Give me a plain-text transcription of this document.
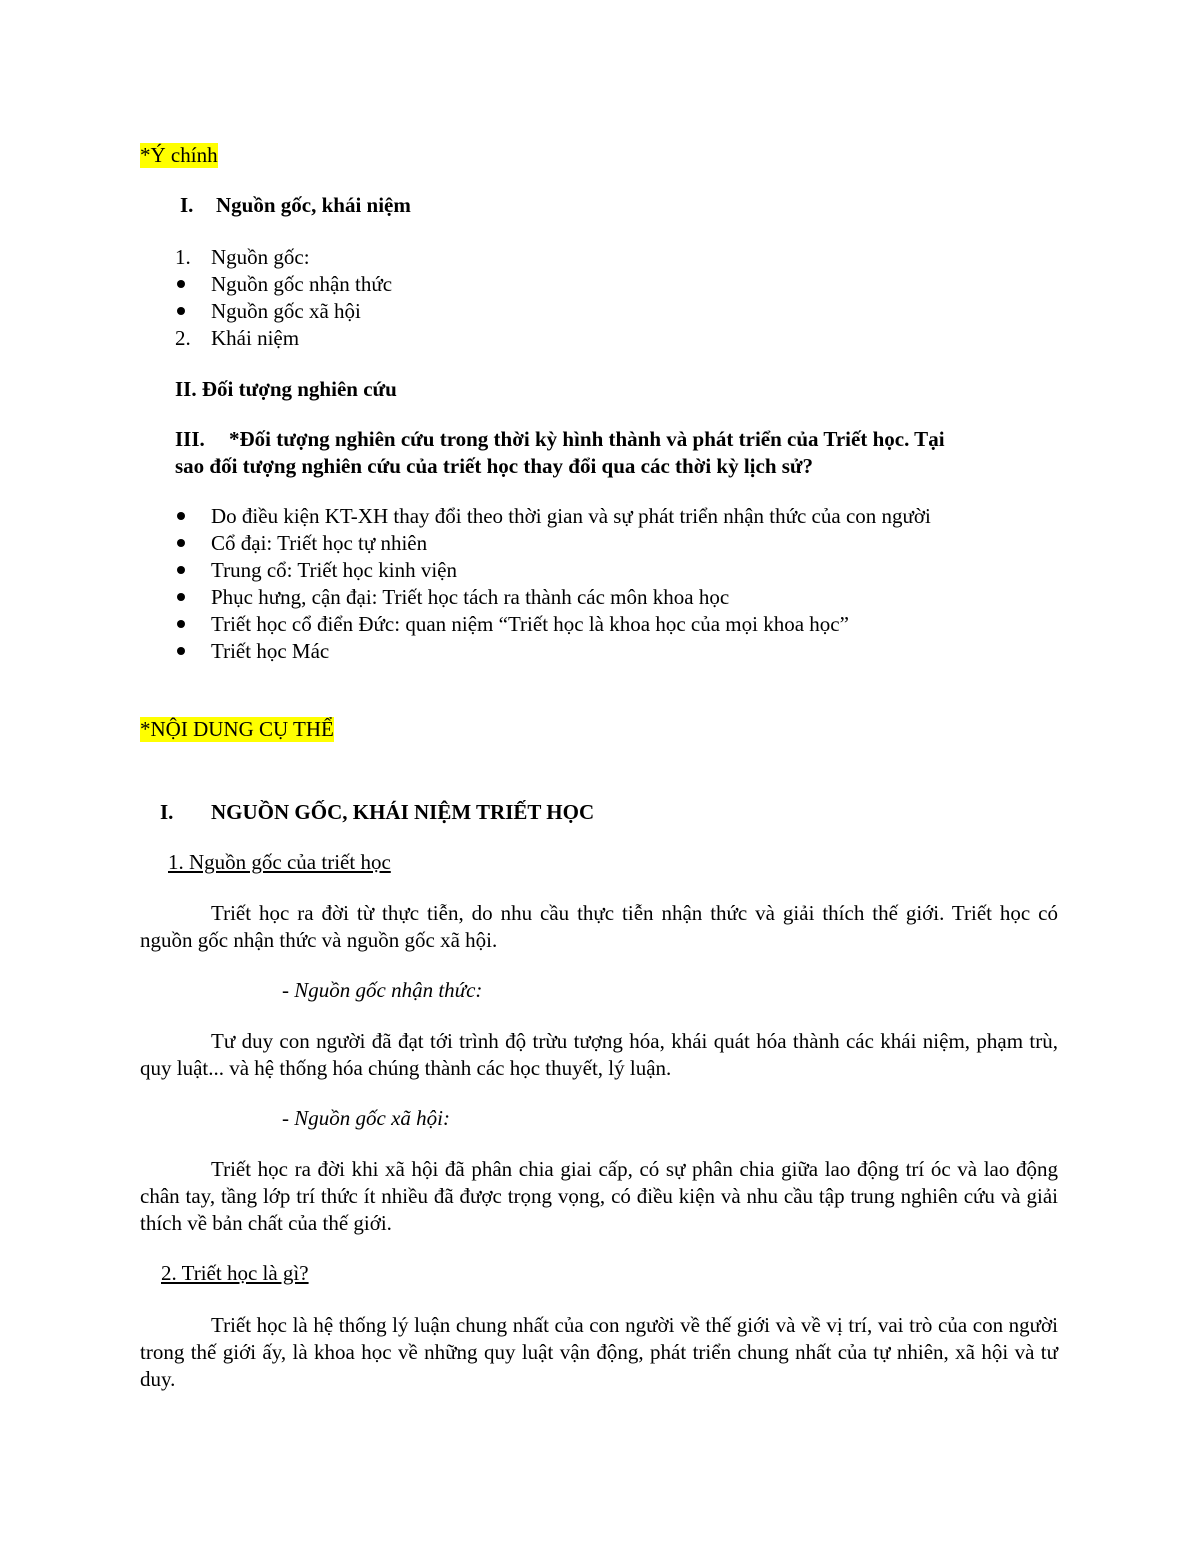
*Ý chính
I. Nguồn gốc, khái niệm
1. Nguồn gốc:
Nguồn gốc nhận thức
Nguồn gốc xã hội
2. Khái niệm
II. Đối tượng nghiên cứu
III. *Đối tượng nghiên cứu trong thời kỳ hình thành và phát triển của Triết học. Tại
sao đối tượng nghiên cứu của triết học thay đổi qua các thời kỳ lịch sử?
Do điều kiện KT-XH thay đổi theo thời gian và sự phát triển nhận thức của con người
Cổ đại: Triết học tự nhiên
Trung cổ: Triết học kinh viện
Phục hưng, cận đại: Triết học tách ra thành các môn khoa học
Triết học cổ điển Đức: quan niệm “Triết học là khoa học của mọi khoa học”
Triết học Mác
*NỘI DUNG CỤ THỂ
I. NGUỒN GỐC, KHÁI NIỆM TRIẾT HỌC
1. Nguồn gốc của triết học
Triết học ra đời từ thực tiễn, do nhu cầu thực tiễn nhận thức và giải thích thế giới. Triết học có nguồn gốc nhận thức và nguồn gốc xã hội.
- Nguồn gốc nhận thức:
Tư duy con người đã đạt tới trình độ trừu tượng hóa, khái quát hóa thành các khái niệm, phạm trù, quy luật... và hệ thống hóa chúng thành các học thuyết, lý luận.
- Nguồn gốc xã hội:
Triết học ra đời khi xã hội đã phân chia giai cấp, có sự phân chia giữa lao động trí óc và lao động chân tay, tầng lớp trí thức ít nhiều đã được trọng vọng, có điều kiện và nhu cầu tập trung nghiên cứu và giải thích về bản chất của thế giới.
2. Triết học là gì?
Triết học là hệ thống lý luận chung nhất của con người về thế giới và về vị trí, vai trò của con người trong thế giới ấy, là khoa học về những quy luật vận động, phát triển chung nhất của tự nhiên, xã hội và tư duy.
